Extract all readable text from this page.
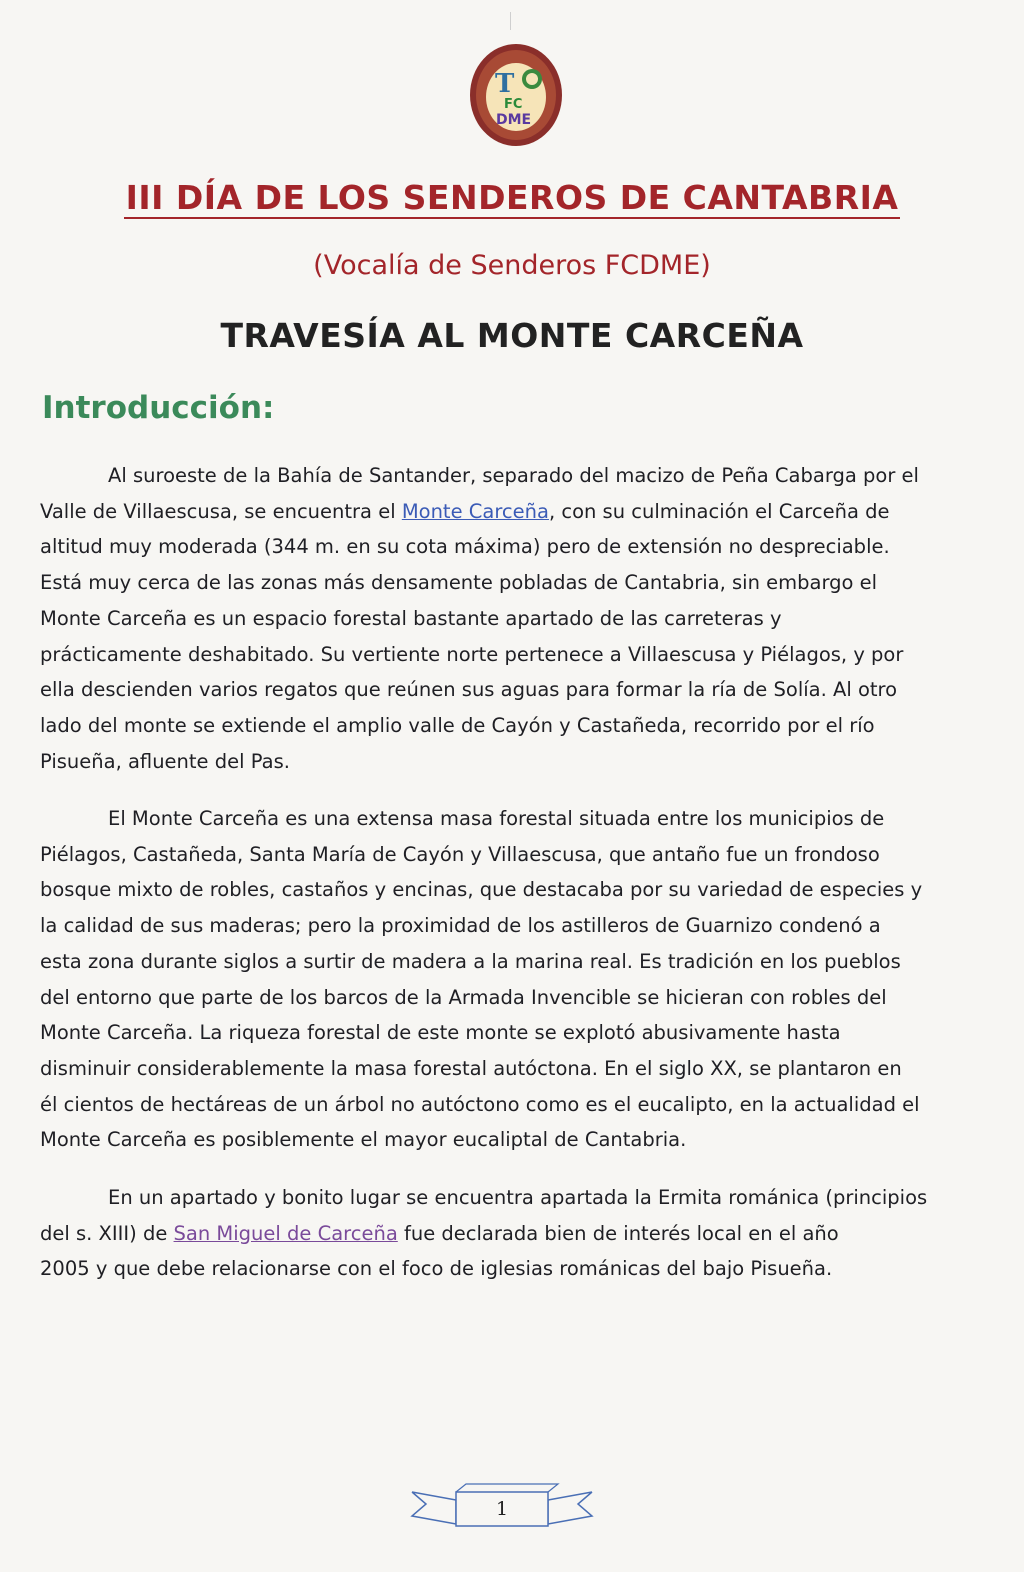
T
FC
DME
III DÍA DE LOS SENDEROS DE CANTABRIA
(Vocalía de Senderos FCDME)
TRAVESÍA AL MONTE CARCEÑA
Introducción:
Al suroeste de la Bahía de Santander, separado del macizo de Peña Cabarga por el
Valle de Villaescusa, se encuentra el Monte Carceña, con su culminación el Carceña de
altitud muy moderada (344 m. en su cota máxima) pero de extensión no despreciable.
Está muy cerca de las zonas más densamente pobladas de Cantabria, sin embargo el
Monte Carceña es un espacio forestal bastante apartado de las carreteras y
prácticamente deshabitado. Su vertiente norte pertenece a Villaescusa y Piélagos, y por
ella descienden varios regatos que reúnen sus aguas para formar la ría de Solía. Al otro
lado del monte se extiende el amplio valle de Cayón y Castañeda, recorrido por el río
Pisueña, afluente del Pas.
El Monte Carceña es una extensa masa forestal situada entre los municipios de
Piélagos, Castañeda, Santa María de Cayón y Villaescusa, que antaño fue un frondoso
bosque mixto de robles, castaños y encinas, que destacaba por su variedad de especies y
la calidad de sus maderas; pero la proximidad de los astilleros de Guarnizo condenó a
esta zona durante siglos a surtir de madera a la marina real. Es tradición en los pueblos
del entorno que parte de los barcos de la Armada Invencible se hicieran con robles del
Monte Carceña. La riqueza forestal de este monte se explotó abusivamente hasta
disminuir considerablemente la masa forestal autóctona. En el siglo XX, se plantaron en
él cientos de hectáreas de un árbol no autóctono como es el eucalipto, en la actualidad el
Monte Carceña es posiblemente el mayor eucaliptal de Cantabria.
En un apartado y bonito lugar se encuentra apartada la Ermita románica (principios
del s. XIII) de San Miguel de Carceña fue declarada bien de interés local en el año
2005 y que debe relacionarse con el foco de iglesias románicas del bajo Pisueña.
1
